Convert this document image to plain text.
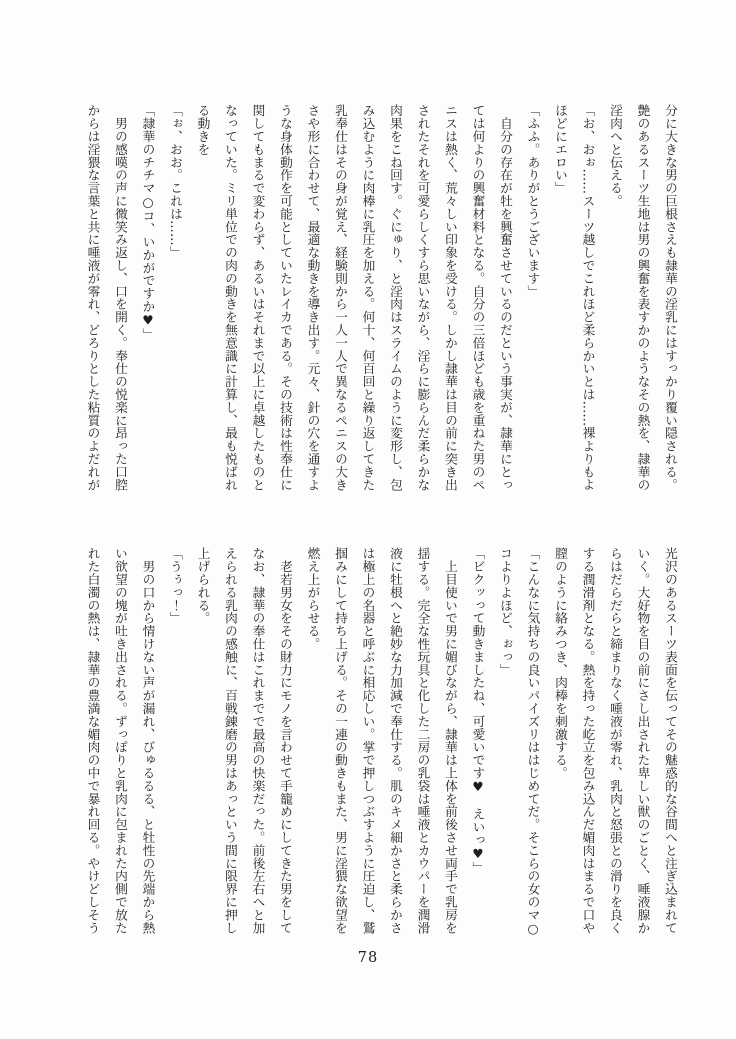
分に大きな男の巨根さえも隷華の淫乳にはすっかり覆い隠される。

艶のあるスーツ生地は男の興奮を表すかのようなその熱を、隷華の

淫肉へと伝える。

「お、おぉ……スーツ越しでこれほど柔らかいとは……裸よりもよ

ほどにエロい」

「ふふ。ありがとうございます」

　自分の存在が牡を興奮させているのだという事実が、隷華にとっ

ては何よりの興奮材料となる。自分の三倍ほども歳を重ねた男のペ

ニスは熱く、荒々しい印象を受ける。しかし隷華は目の前に突き出

されたそれを可愛らしくすら思いながら、淫らに膨らんだ柔らかな

肉果をこね回す。ぐにゅり、と淫肉はスライムのように変形し、包

み込むように肉棒に乳圧を加える。何十、何百回と繰り返してきた

乳奉仕はその身が覚え、経験則から一人一人で異なるペニスの大き

さや形に合わせて、最適な動きを導き出す。元々、針の穴を通すよ

うな身体動作を可能としていたレイカである。その技術は性奉仕に

関してもまるで変わらず、あるいはそれまで以上に卓越したものと

なっていた。ミリ単位での肉の動きを無意識に計算し、最も悦ばれ

る動きを

「ぉ、おお。これは……」

「隷華のチチマ○コ、いかがですか♥」

　男の感嘆の声に微笑み返し、口を開く。奉仕の悦楽に昂った口腔

からは淫猥な言葉と共に唾液が零れ、どろりとした粘質のよだれが

光沢のあるスーツ表面を伝ってその魅惑的な谷間へと注ぎ込まれて

いく。大好物を目の前にさし出された卑しい獣のごとく、唾液腺か

らはだらだらと締まりなく唾液が零れ、乳肉と怒張との滑りを良く

する潤滑剤となる。熱を持った屹立を包み込んだ媚肉はまるで口や

膣のように絡みつき、肉棒を刺激する。

「こんなに気持ちの良いパイズリははじめてだ。そこらの女のマ○

コよりよほど、ぉっ」

「ビクッって動きましたね、可愛いです♥　えいっ♥」

　上目使いで男に媚びながら、隷華は上体を前後させ両手で乳房を

揺する。完全な性玩具と化した二房の乳袋は唾液とカウパーを潤滑

液に牡根へと絶妙な力加減で奉仕する。肌のキメ細かさと柔らかさ

は極上の名器と呼ぶに相応しい。掌で押しつぶすように圧迫し、鷲

掴みにして持ち上げる。その一連の動きもまた、男に淫猥な欲望を

燃え上がらせる。

　老若男女をその財力にモノを言わせて手籠めにしてきた男をして

なお、隷華の奉仕はこれまでで最高の快楽だった。前後左右へと加

えられる乳肉の感触に、百戦錬磨の男はあっという間に限界に押し

上げられる。

「うぅっ！」

　男の口から情けない声が漏れ、びゅるるる、と牡性の先端から熱

い欲望の塊が吐き出される。ずっぽりと乳肉に包まれた内側で放た

れた白濁の熱は、隷華の豊満な媚肉の中で暴れ回る。やけどしそう

78
